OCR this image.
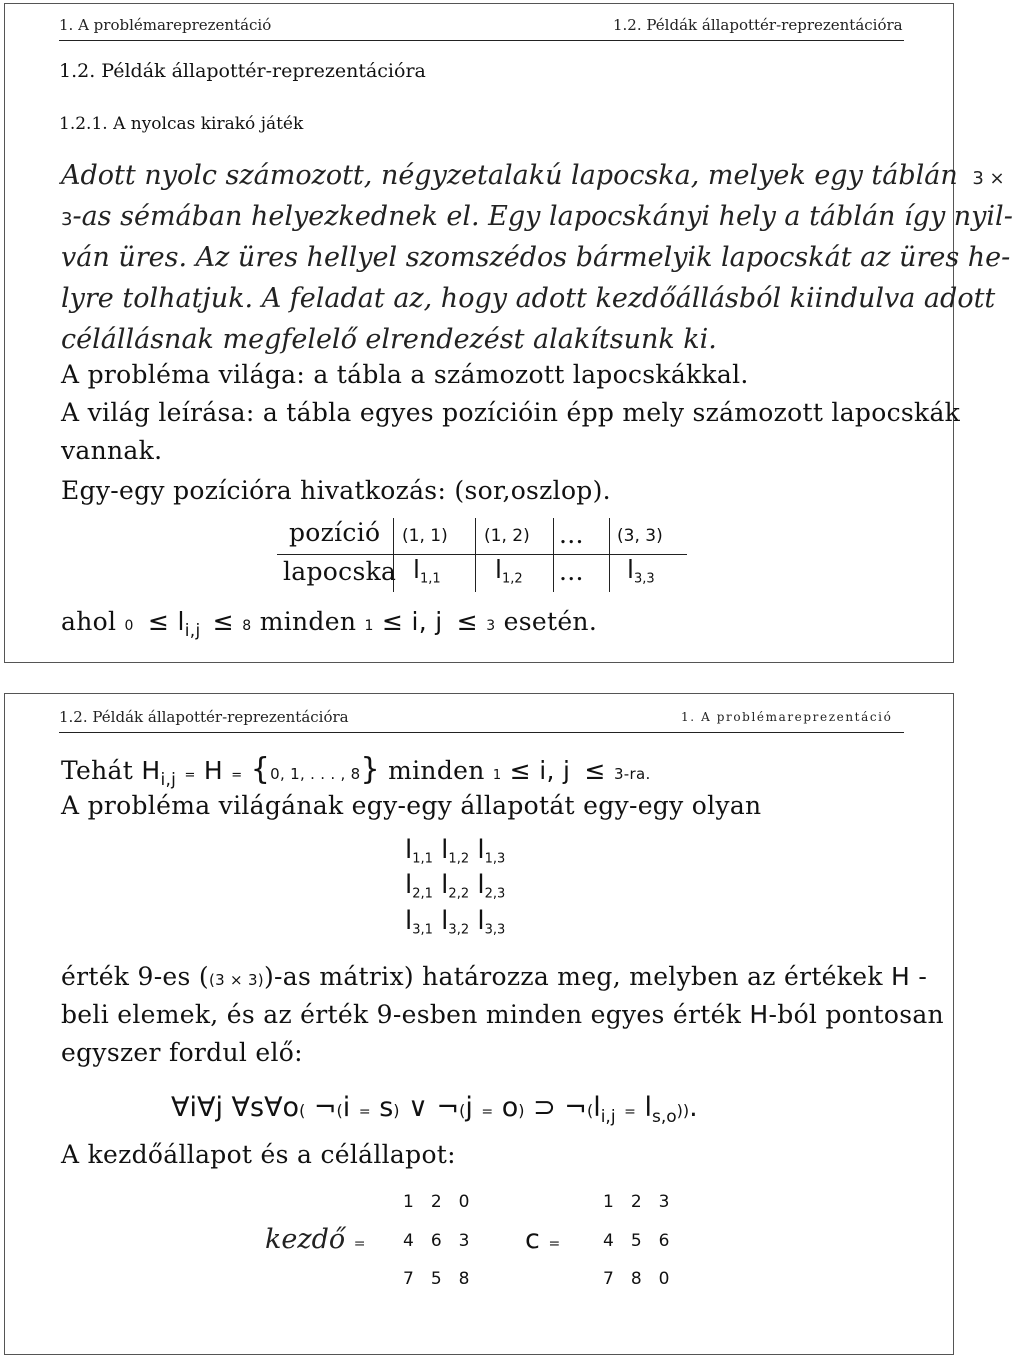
1. A problémareprezentáció	1.2. Példák állapottér-reprezentációra
1.2. Példák állapottér-reprezentációra
1.2.1. A nyolcas kirakó játék
Adott nyolc számozott, négyzetalakú lapocska, melyek egy táblán 3 ×
3-as sémában helyezkednek el. Egy lapocskányi hely a táblán így nyil-
ván üres. Az üres hellyel szomszédos bármelyik lapocskát az üres he-
lyre tolhatjuk. A feladat az, hogy adott kezdőállásból kiindulva adott
célállásnak megfelelő elrendezést alakítsunk ki.
A probléma világa: a tábla a számozott lapocskákkal.
A világ leírása: a tábla egyes pozícióin épp mely számozott lapocskák
vannak.
Egy-egy pozícióra hivatkozás: (sor,oszlop).
pozíció (1, 1) (1, 2) ... (3, 3)
lapocska $l_{1,1}$ $l_{1,2}$ ... $l_{3,3}$
ahol $0 \le l_{i,j} \le 8$ minden 1 ≤ i, j ≤ 3 esetén.
1.2. Példák állapottér-reprezentációra	1. A problémareprezentáció
Tehát $H_{i,j} = H = \{0$, 1, . . . , 8} minden 1 ≤ i, j ≤ 3-ra.
A probléma világának egy-egy állapotát egy-egy olyan
$l_{1,1}$ $l_{1,2}$ $l_{1,3}$
$l_{2,1}$ $l_{2,2}$ $l_{2,3}$
$l_{3,1}$ $l_{3,2}$ $l_{3,3}$
érték 9-es ((3 × 3))-as mátrix) határozza meg, melyben az értékek H -
beli elemek, és az érték 9-esben minden egyes érték H-ból pontosan
egyszer fordul elő:
∀i∀j ∀s∀o( ¬(i = s) ∨ ¬(j = o) ⊃ $\neg(l_{i,j} = l_{s,o})$).
A kezdőállapot és a célállapot:
kezdő =
120
463
758
c =
123
456
780
